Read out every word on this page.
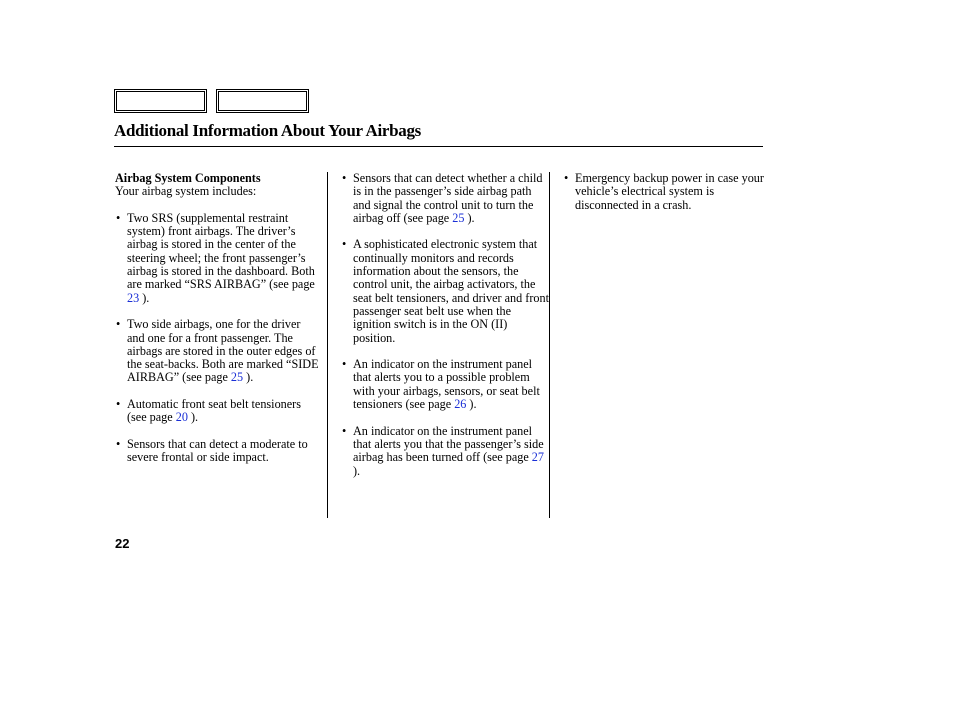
Additional Information About Your Airbags
Airbag System Components
Your airbag system includes:
• Two SRS (supplemental restraint system) front airbags. The driver’s airbag is stored in the center of the steering wheel; the front passenger’s airbag is stored in the dashboard. Both are marked “SRS AIRBAG” (see page 23 ).
• Two side airbags, one for the driver and one for a front passenger. The airbags are stored in the outer edges of the seat-backs. Both are marked “SIDE AIRBAG” (see page 25 ).
• Automatic front seat belt tensioners (see page 20 ).
• Sensors that can detect a moderate to severe frontal or side impact.
• Sensors that can detect whether a child is in the passenger’s side airbag path and signal the control unit to turn the airbag off (see page 25 ).
• A sophisticated electronic system that continually monitors and records information about the sensors, the control unit, the airbag activators, the seat belt tensioners, and driver and front passenger seat belt use when the ignition switch is in the ON (II) position.
• An indicator on the instrument panel that alerts you to a possible problem with your airbags, sensors, or seat belt tensioners (see page 26 ).
• An indicator on the instrument panel that alerts you that the passenger’s side airbag has been turned off (see page 27 ).
• Emergency backup power in case your vehicle’s electrical system is disconnected in a crash.
22
